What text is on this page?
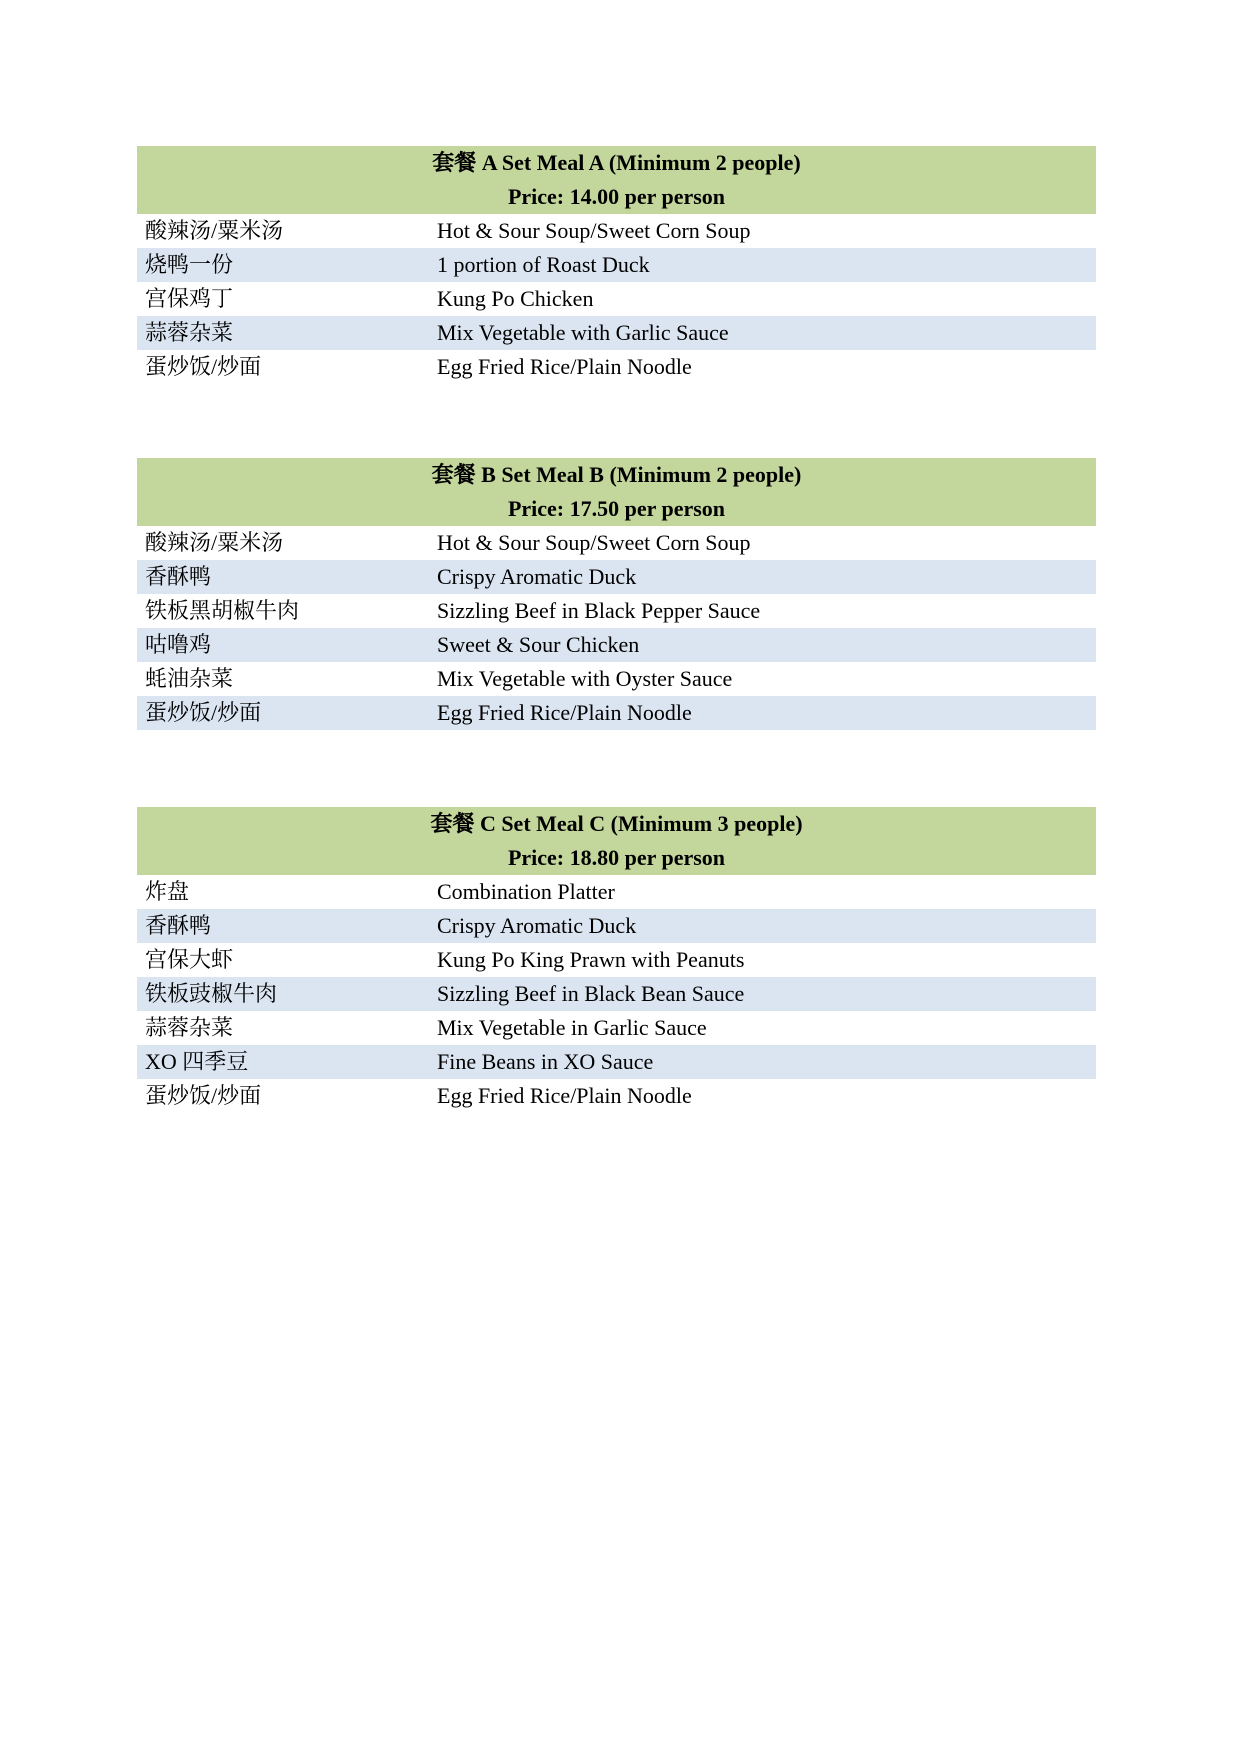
套餐 A Set Meal A (Minimum 2 people)
Price: 14.00 per person
酸辣汤/粟米汤	Hot & Sour Soup/Sweet Corn Soup
烧鸭一份	1 portion of Roast Duck
宫保鸡丁	Kung Po Chicken
蒜蓉杂菜	Mix Vegetable with Garlic Sauce
蛋炒饭/炒面	Egg Fried Rice/Plain Noodle
套餐 B Set Meal B (Minimum 2 people)
Price: 17.50 per person
酸辣汤/粟米汤	Hot & Sour Soup/Sweet Corn Soup
香酥鸭	Crispy Aromatic Duck
铁板黑胡椒牛肉	Sizzling Beef in Black Pepper Sauce
咕噜鸡	Sweet & Sour Chicken
蚝油杂菜	Mix Vegetable with Oyster Sauce
蛋炒饭/炒面	Egg Fried Rice/Plain Noodle
套餐 C Set Meal C (Minimum 3 people)
Price: 18.80 per person
炸盘	Combination Platter
香酥鸭	Crispy Aromatic Duck
宫保大虾	Kung Po King Prawn with Peanuts
铁板豉椒牛肉	Sizzling Beef in Black Bean Sauce
蒜蓉杂菜	Mix Vegetable in Garlic Sauce
XO 四季豆	Fine Beans in XO Sauce
蛋炒饭/炒面	Egg Fried Rice/Plain Noodle
